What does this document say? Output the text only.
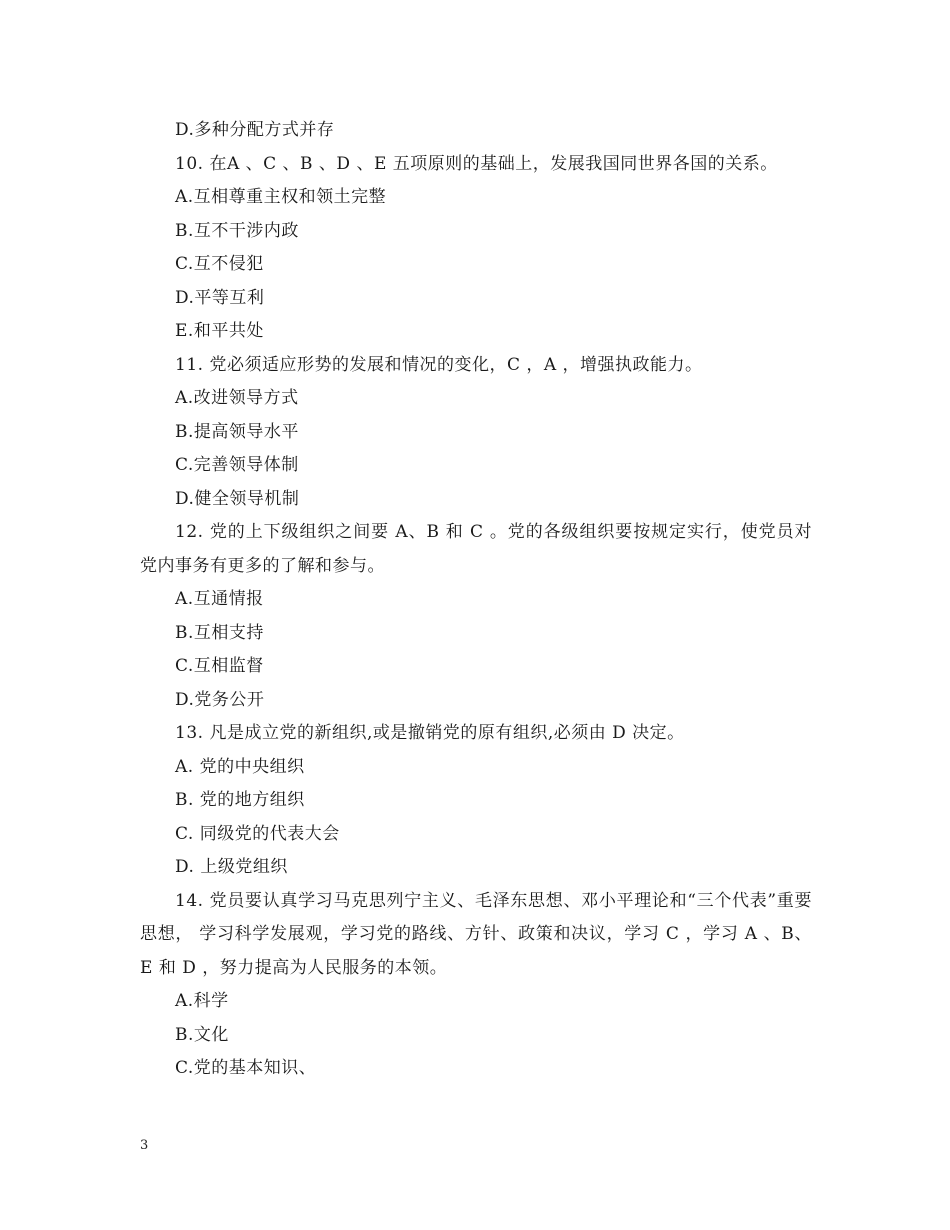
D.多种分配方式并存
10. 在A 、C 、B 、D 、E 五项原则的基础上，发展我国同世界各国的关系。
A.互相尊重主权和领土完整
B.互不干涉内政
C.互不侵犯
D.平等互利
E.和平共处
11. 党必须适应形势的发展和情况的变化，C ，A ，增强执政能力。
A.改进领导方式
B.提高领导水平
C.完善领导体制
D.健全领导机制

12. 党的上下级组织之间要 A、B 和 C 。党的各级组织要按规定实行，使党员对党内事务有更多的了解和参与。

A.互通情报
B.互相支持
C.互相监督
D.党务公开
13. 凡是成立党的新组织,或是撤销党的原有组织,必须由 D 决定。
A. 党的中央组织
B. 党的地方组织
C. 同级党的代表大会
D. 上级党组织

14. 党员要认真学习马克思列宁主义、毛泽东思想、邓小平理论和“三个代表”重要思想， 学习科学发展观，学习党的路线、方针、政策和决议，学习 C ，学习 A 、B、 E 和 D ，努力提高为人民服务的本领。

A.科学
B.文化
C.党的基本知识、
3
